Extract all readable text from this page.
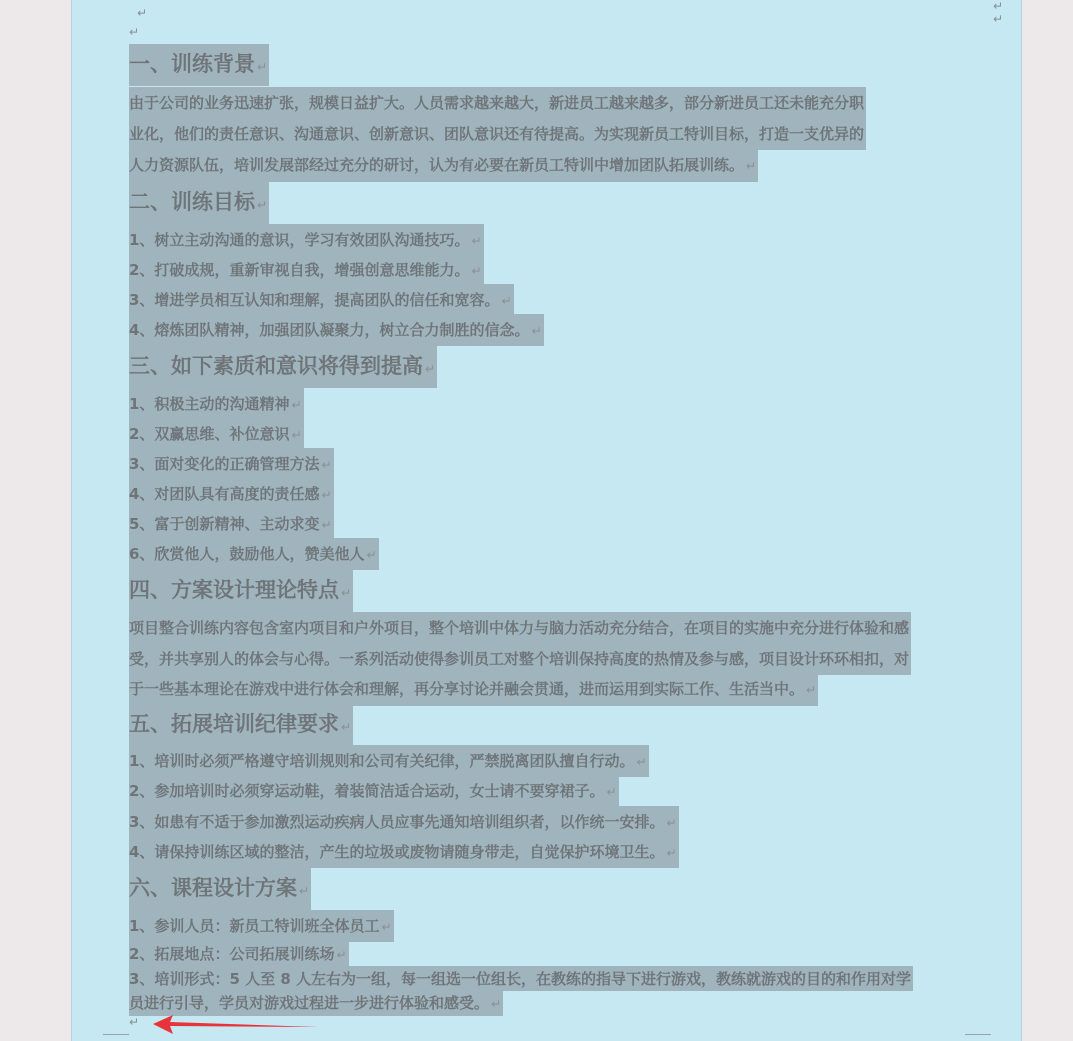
↵
↵
↵
↵
一、训练背景 ↵
由于公司的业务迅速扩张，规模日益扩大。人员需求越来越大，新进员工越来越多，部分新进员工还未能充分职
业化，他们的责任意识、沟通意识、创新意识、团队意识还有待提高。为实现新员工特训目标，打造一支优异的
人力资源队伍，培训发展部经过充分的研讨，认为有必要在新员工特训中增加团队拓展训练。 ↵
二、训练目标 ↵
1、树立主动沟通的意识，学习有效团队沟通技巧。 ↵
2、打破成规，重新审视自我，增强创意思维能力。 ↵
3、增进学员相互认知和理解，提高团队的信任和宽容。 ↵
4、熔炼团队精神，加强团队凝聚力，树立合力制胜的信念。 ↵
三、如下素质和意识将得到提高 ↵
1、积极主动的沟通精神 ↵
2、双赢思维、补位意识 ↵
3、面对变化的正确管理方法 ↵
4、对团队具有高度的责任感 ↵
5、富于创新精神、主动求变 ↵
6、欣赏他人，鼓励他人，赞美他人 ↵
四、方案设计理论特点 ↵
项目整合训练内容包含室内项目和户外项目，整个培训中体力与脑力活动充分结合，在项目的实施中充分进行体验和感
受，并共享别人的体会与心得。一系列活动使得参训员工对整个培训保持高度的热情及参与感，项目设计环环相扣，对
于一些基本理论在游戏中进行体会和理解，再分享讨论并融会贯通，进而运用到实际工作、生活当中。 ↵
五、拓展培训纪律要求 ↵
1、培训时必须严格遵守培训规则和公司有关纪律，严禁脱离团队擅自行动。 ↵
2、参加培训时必须穿运动鞋，着装简洁适合运动，女士请不要穿裙子。 ↵
3、如患有不适于参加激烈运动疾病人员应事先通知培训组织者，以作统一安排。 ↵
4、请保持训练区域的整洁，产生的垃圾或废物请随身带走，自觉保护环境卫生。 ↵
六、课程设计方案 ↵
1、参训人员：新员工特训班全体员工 ↵
2、拓展地点：公司拓展训练场 ↵
3、培训形式：5 人至 8 人左右为一组，每一组选一位组长，在教练的指导下进行游戏，教练就游戏的目的和作用对学
员进行引导，学员对游戏过程进一步进行体验和感受。 ↵
↵
